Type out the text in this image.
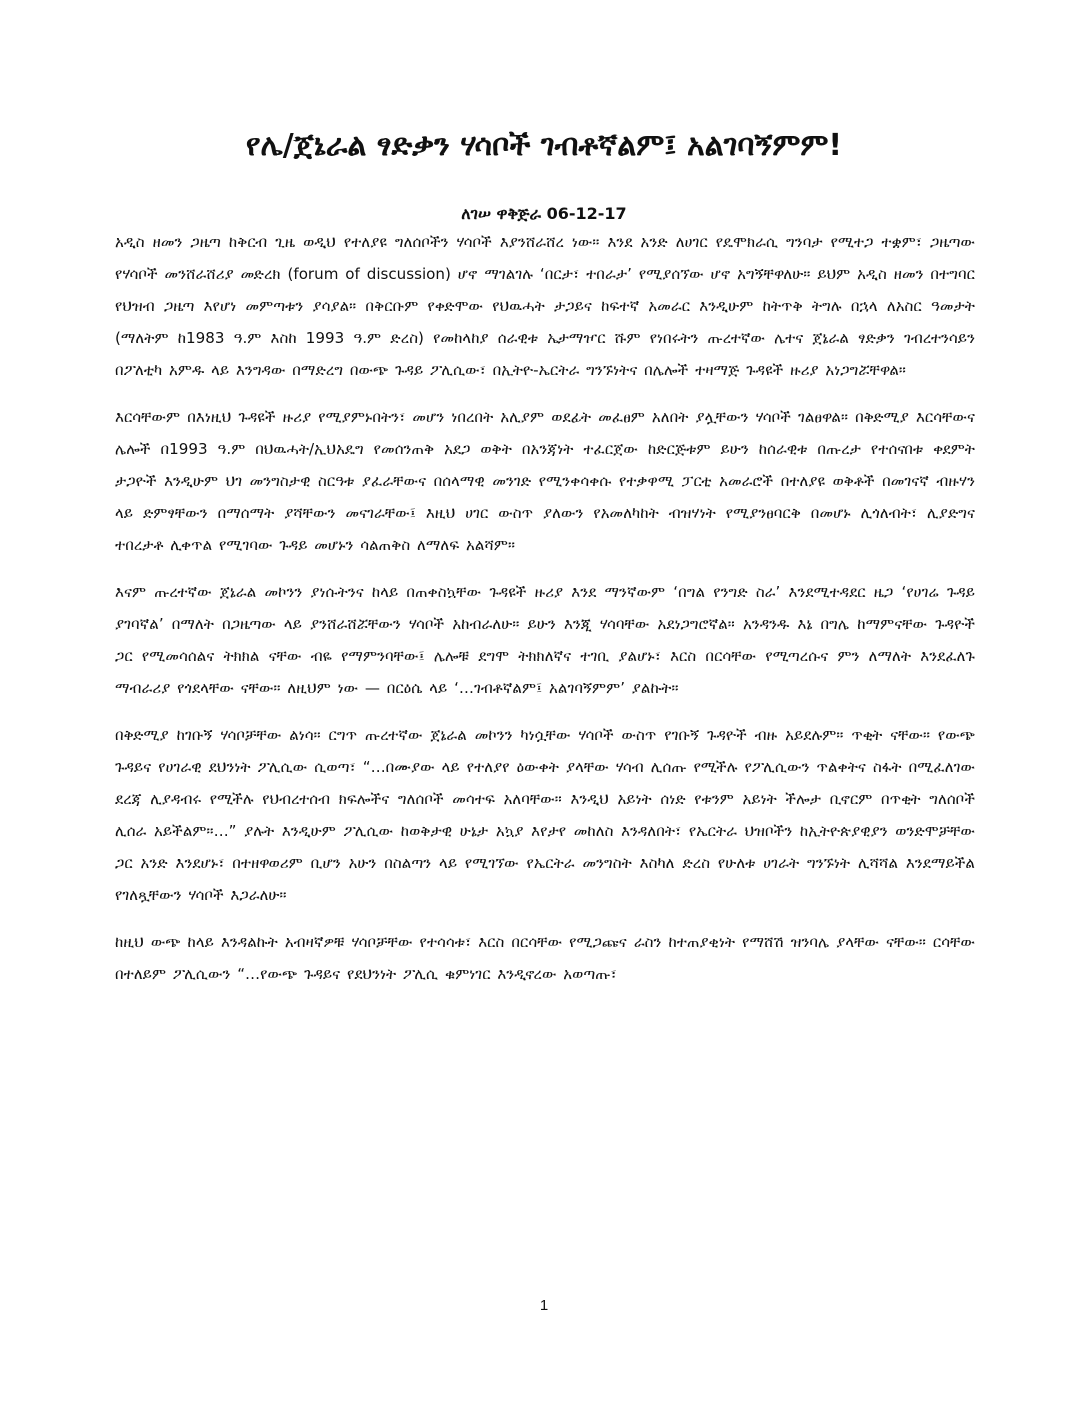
የሌ/ጀኔራል ፃድቃን ሃሳቦች ገብቶኛልም፤ አልገባኝምም!

ለገሠ ዋቅጅራ 06-12-17

አዲስ ዘመን ጋዜጣ ከቅርብ ጊዜ ወዲህ የተለያዩ ግለሰቦችን ሃሳቦች እያንሸራሸረ ነው። እንደ አንድ ለሀገር የዴሞክራሲ ግንባታ የሚተጋ ተቋም፣ ጋዜጣው የሃሳቦች መንሸራሸሪያ መድረክ (forum of discussion) ሆኖ ማገልገሉ ‘በርታ፣ ተበራታ’ የሚያሰኘው ሆኖ አግኝቸዋለሁ። ይህም አዲስ ዘመን በተግባር የህዝብ ጋዜጣ እየሆነ መምጣቱን ያሳያል። በቅርቡም የቀድሞው የህዉሓት ታጋይና ከፍተኛ አመራር እንዲሁም ከትጥቅ ትግሉ በኋላ ለአስር ዓመታት (ማለትም ከ1983 ዓ.ም እስከ 1993 ዓ.ም ድረስ) የመከላከያ ሰራዊቱ ኤታማዦር ሹም የነበሩትን ጡረተኛው ሌተና ጀኔራል ፃድቃን ገብረተንሳይን በፖለቲካ አምዱ ላይ እንግዳው በማድረግ በውጭ ጉዳይ ፖሊሲው፣ በኢትዮ-ኤርትራ ግንኙነትና በሌሎች ተዛማጅ ጉዳዩች ዙሪያ አነጋግሯቸዋል።

እርሳቸውም በእነዚህ ጉዳዩች ዙሪያ የሚያምኑበትን፣ መሆን ነበረበት አሊያም ወደፊት መፈፀም አለበት ያሏቸውን ሃሳቦች ገልፀዋል። በቅድሚያ እርሳቸውና ሌሎች በ1993 ዓ.ም በህዉሓት/ኢህአዴግ የመሰንጠቅ አደጋ ወቅት በአንጃነት ተፈርጀው ከድርጅቱም ይሁን ከሰራዊቱ በጡረታ የተሰናበቱ ቀደምት ታጋዮች እንዲሁም ህገ መንግስታዊ ስርዓቱ ያፈራቸውና በሰላማዊ መንገድ የሚንቀሳቀሱ የተቃዋሚ ፓርቲ አመራሮች በተለያዩ ወቅቶች በመገናኛ ብዙሃን ላይ ድምፃቸውን በማሰማት ያሻቸውን መናገራቸው፤ እዚህ ሀገር ውስጥ ያለውን የአመለካከት ብዝሃነት የሚያንፀባርቅ በመሆኑ ሊጎለብት፣ ሊያድግና ተበረታቶ ሊቀጥል የሚገባው ጉዳይ መሆኑን ሳልጠቅስ ለማለፍ አልሻም።

እናም ጡረተኛው ጀኔራል መኮንን ያነሱትንና ከላይ በጠቀስኳቸው ጉዳዩች ዙሪያ እንደ ማንኛውም ‘በግል የንግድ ስራ’ እንደሚተዳደር ዜጋ ‘የሀገሬ ጉዳይ ያገባኛል’ በማለት በጋዜጣው ላይ ያንሸራሸሯቸውን ሃሳቦች አከብራለሁ። ይሁን እንጂ ሃሳባቸው አደነጋግሮኛል። አንዳንዱ እኔ በግሌ ከማምናቸው ጉዳዮች ጋር የሚመሳሰልና ትክክል ናቸው ብዬ የማምንባቸው፤ ሌሎቹ ደግሞ ትክክለኛና ተገቢ ያልሆኑ፣ እርስ በርሳቸው የሚጣረሱና ምን ለማለት እንደፈለጉ ማብራሪያ የጎደላቸው ናቸው። ለዚህም ነው — በርዕሴ ላይ ‘…ገብቶኛልም፤ አልገባኝምም’ ያልኩት።

በቅድሚያ ከገቡኝ ሃሳቦቻቸው ልነሳ። ርግጥ ጡረተኛው ጀኔራል መኮንን ካነሷቸው ሃሳቦች ውስጥ የገቡኝ ጉዳዮች ብዙ አይደሉም። ጥቂት ናቸው። የውጭ ጉዳይና የሀገራዊ ደህንነት ፖሊሲው ሲወጣ፣ “…በሙያው ላይ የተለያየ ዕውቀት ያላቸው ሃሳብ ሊሰጡ የሚችሉ የፖሊሲውን ጥልቀትና ስፋት በሚፈለገው ደረጃ ሊያዳብሩ የሚችሉ የህብረተሰብ ክፍሎችና ግለሰቦች መሳተፍ አለባቸው። እንዲህ አይነት ሰነድ የቱንም አይነት ችሎታ ቢኖርም በጥቂት ግለሰቦች ሊሰራ አይችልም።…” ያሉት እንዲሁም ፖሊሲው ከወቅታዊ ሁኔታ አኳያ እየታየ መከለስ እንዳለበት፣ የኤርትራ ህዝቦችን ከኢትዮጵያዊያን ወንድሞቻቸው ጋር አንድ እንደሆኑ፣ በተዘዋወሪም ቢሆን አሁን በስልጣን ላይ የሚገኘው የኤርትራ መንግስት እስካለ ድረስ የሁለቱ ሀገራት ግንኙነት ሊሻሻል እንደማይችል የገለጿቸውን ሃሳቦች እጋራለሁ።

ከዚህ ውጭ ከላይ እንዳልኩት አብዛኛዎቹ ሃሳቦቻቸው የተሳሳቱ፣ እርስ በርሳቸው የሚጋጩና ራስን ከተጠያቂነት የማሸሽ ዝንባሌ ያላቸው ናቸው። ርሳቸው በተለይም ፖሊሲውን “…የውጭ ጉዳይና የደህንነት ፖሊሲ ቁምነገር እንዲኖረው አወጣጡ፣

1
